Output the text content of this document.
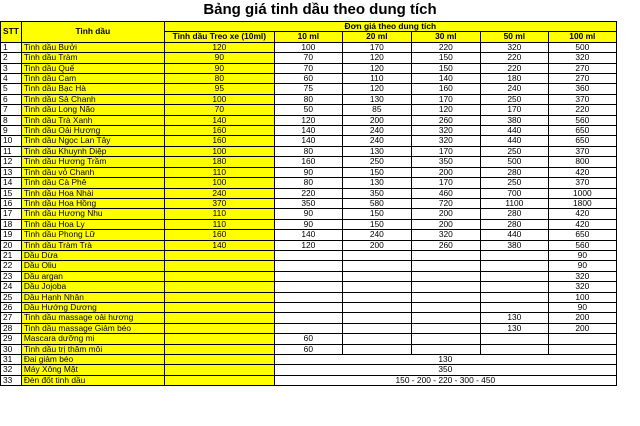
Bảng giá tinh dầu theo dung tích
STT	Tinh dầu	Đơn giá theo dung tích					
		Tinh dầu Treo xe (10ml)	10 ml	20 ml	30 ml	50 ml	100 ml
1	Tinh dầu Bưởi	120	100	170	220	320	500
2	Tinh dầu Tràm	90	70	120	150	220	320
3	Tinh dầu Quế	90	70	120	150	220	270
4	Tinh dầu Cam	80	60	110	140	180	270
5	Tinh dầu Bạc Hà	95	75	120	160	240	360
6	Tinh dầu Sả Chanh	100	80	130	170	250	370
7	Tinh dầu Long Não	70	50	85	120	170	220
8	Tinh dầu Trà Xanh	140	120	200	260	380	560
9	Tinh dầu Oải Hương	160	140	240	320	440	650
10	Tinh dầu Ngọc Lan Tây	160	140	240	320	440	650
11	Tinh dầu Khuynh Diệp	100	80	130	170	250	370
12	Tinh dầu Hương Trầm	180	160	250	350	500	800
13	Tinh dầu vỏ Chanh	110	90	150	200	280	420
14	Tinh dầu Cà Phê	100	80	130	170	250	370
15	Tinh dầu Hoa Nhài	240	220	350	460	700	1000
16	Tinh dầu Hoa Hồng	370	350	580	720	1100	1800
17	Tinh dầu Hương Nhu	110	90	150	200	280	420
18	Tinh dầu Hoa Ly	110	90	150	200	280	420
19	Tinh dầu Phong Lữ	160	140	240	320	440	650
20	Tinh dầu Tràm Trà	140	120	200	260	380	560
21	Dầu Dừa						90
22	Dầu Oliu						90
23	Dầu argan						320
24	Dầu Jojoba						320
25	Dầu Hạnh Nhân						100
26	Dầu Hướng Dương						90
27	Tinh dầu massage oải hương					130	200
28	Tinh dầu massage Giảm béo					130	200
29	Mascara dưỡng mi		60				
30	Tinh dầu trị thâm môi		60				
31	Đai giảm béo		130				
32	Máy Xông Mặt		350				
33	Đèn đốt tinh dầu		150 - 200 - 220 - 300 - 450				
